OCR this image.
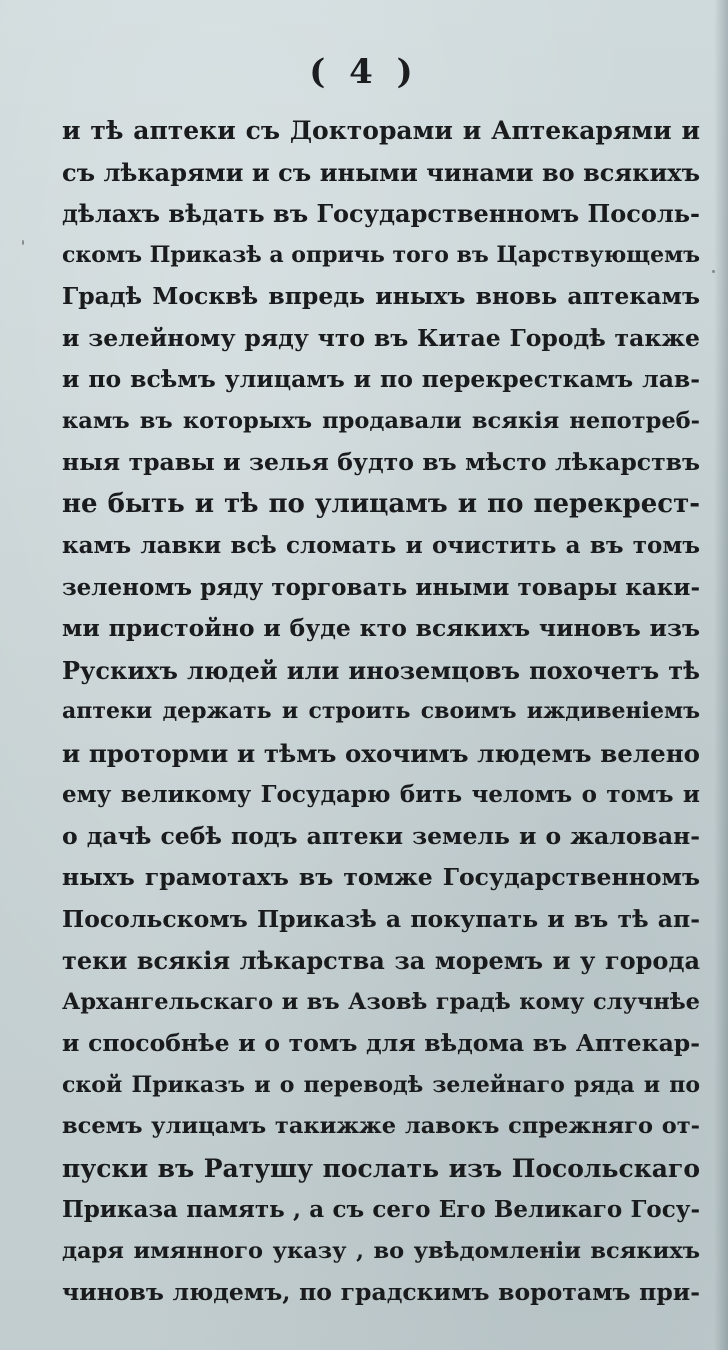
( 4 )
и тѣ аптеки съ Докторами и Аптекарями и
съ лѣкарями и съ иными чинами во всякихъ
дѣлахъ вѣдать въ Государственномъ Посоль-
скомъ Приказѣ а опричь того въ Царствующемъ
Градѣ Москвѣ впредь иныхъ вновь аптекамъ
и зелейному ряду что въ Китае Городѣ также
и по всѣмъ улицамъ и по перекресткамъ лав-
камъ въ которыхъ продавали всякія непотреб-
ныя травы и зелья будто въ мѣсто лѣкарствъ
не быть и тѣ по улицамъ и по перекрест-
камъ лавки всѣ сломать и очистить а въ томъ
зеленомъ ряду торговать иными товары каки-
ми пристойно и буде кто всякихъ чиновъ изъ
Рускихъ людей или иноземцовъ похочетъ тѣ
аптеки держать и строить своимъ иждивеніемъ
и проторми и тѣмъ охочимъ людемъ велено
ему великому Государю бить челомъ о томъ и
о дачѣ себѣ подъ аптеки земель и о жалован-
ныхъ грамотахъ въ томже Государственномъ
Посольскомъ Приказѣ а покупать и въ тѣ ап-
теки всякія лѣкарства за моремъ и у города
Архангельскаго и въ Азовѣ градѣ кому случнѣе
и способнѣе и о томъ для вѣдома въ Аптекар-
ской Приказъ и о переводѣ зелейнаго ряда и по
всемъ улицамъ такижже лавокъ спрежняго от-
пуски въ Ратушу послать изъ Посольскаго
Приказа память , а съ сего Его Великаго Госу-
даря имянного указу , во увѣдомленіи всякихъ
чиновъ людемъ, по градскимъ воротамъ при-
